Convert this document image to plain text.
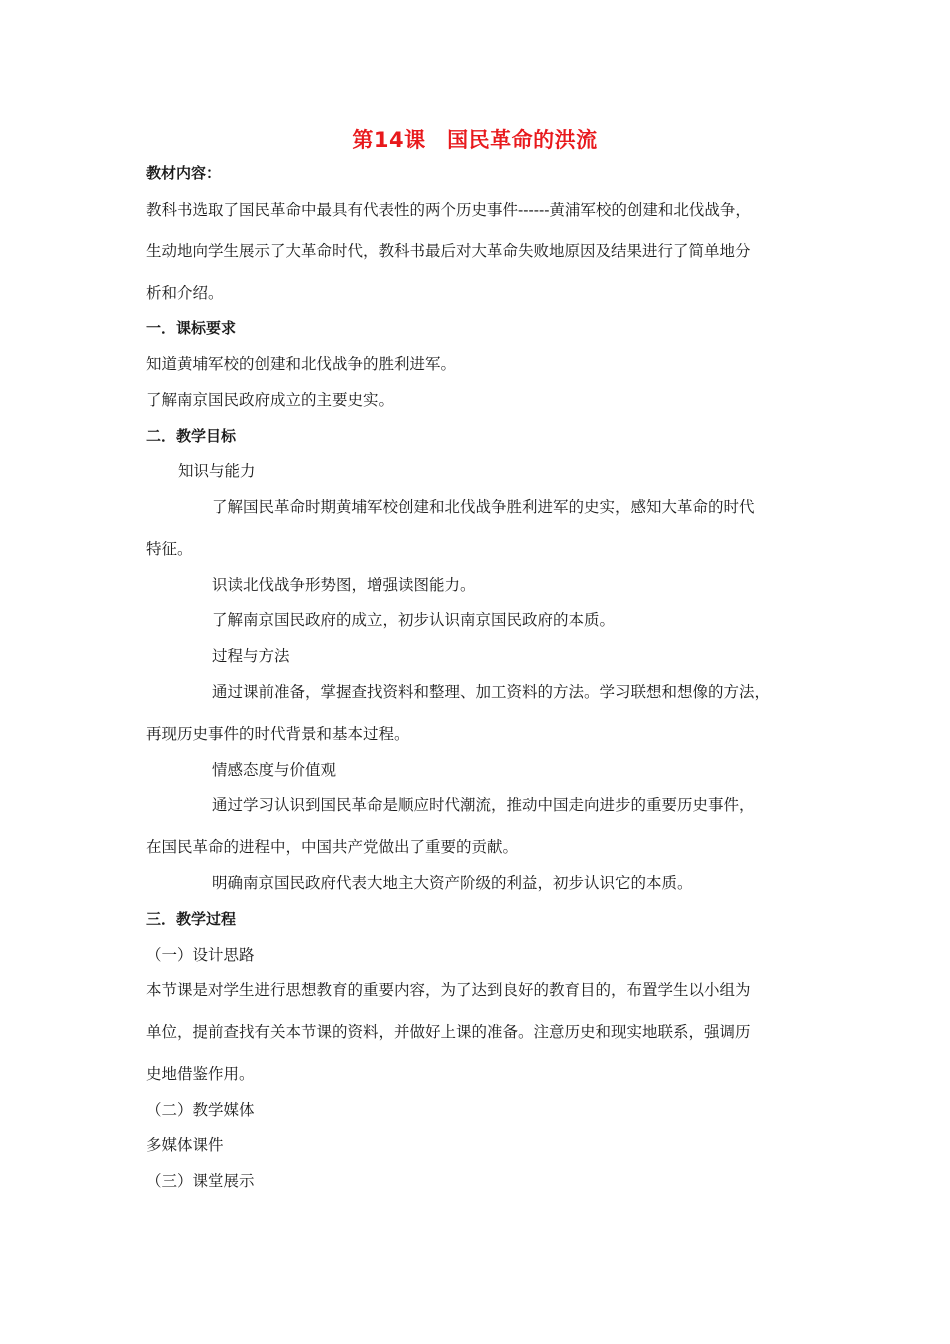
第14课　国民革命的洪流
教材内容：
教科书选取了国民革命中最具有代表性的两个历史事件------黄浦军校的创建和北伐战争，
生动地向学生展示了大革命时代，教科书最后对大革命失败地原因及结果进行了简单地分
析和介绍。
一．课标要求
知道黄埔军校的创建和北伐战争的胜利进军。
了解南京国民政府成立的主要史实。
二．教学目标
知识与能力
了解国民革命时期黄埔军校创建和北伐战争胜利进军的史实，感知大革命的时代
特征。
识读北伐战争形势图，增强读图能力。
了解南京国民政府的成立，初步认识南京国民政府的本质。
过程与方法
通过课前准备，掌握查找资料和整理、加工资料的方法。学习联想和想像的方法，
再现历史事件的时代背景和基本过程。
情感态度与价值观
通过学习认识到国民革命是顺应时代潮流，推动中国走向进步的重要历史事件，
在国民革命的进程中，中国共产党做出了重要的贡献。
明确南京国民政府代表大地主大资产阶级的利益，初步认识它的本质。
三．教学过程
（一）设计思路
本节课是对学生进行思想教育的重要内容，为了达到良好的教育目的，布置学生以小组为
单位，提前查找有关本节课的资料，并做好上课的准备。注意历史和现实地联系，强调历
史地借鉴作用。
（二）教学媒体
多媒体课件
（三）课堂展示
